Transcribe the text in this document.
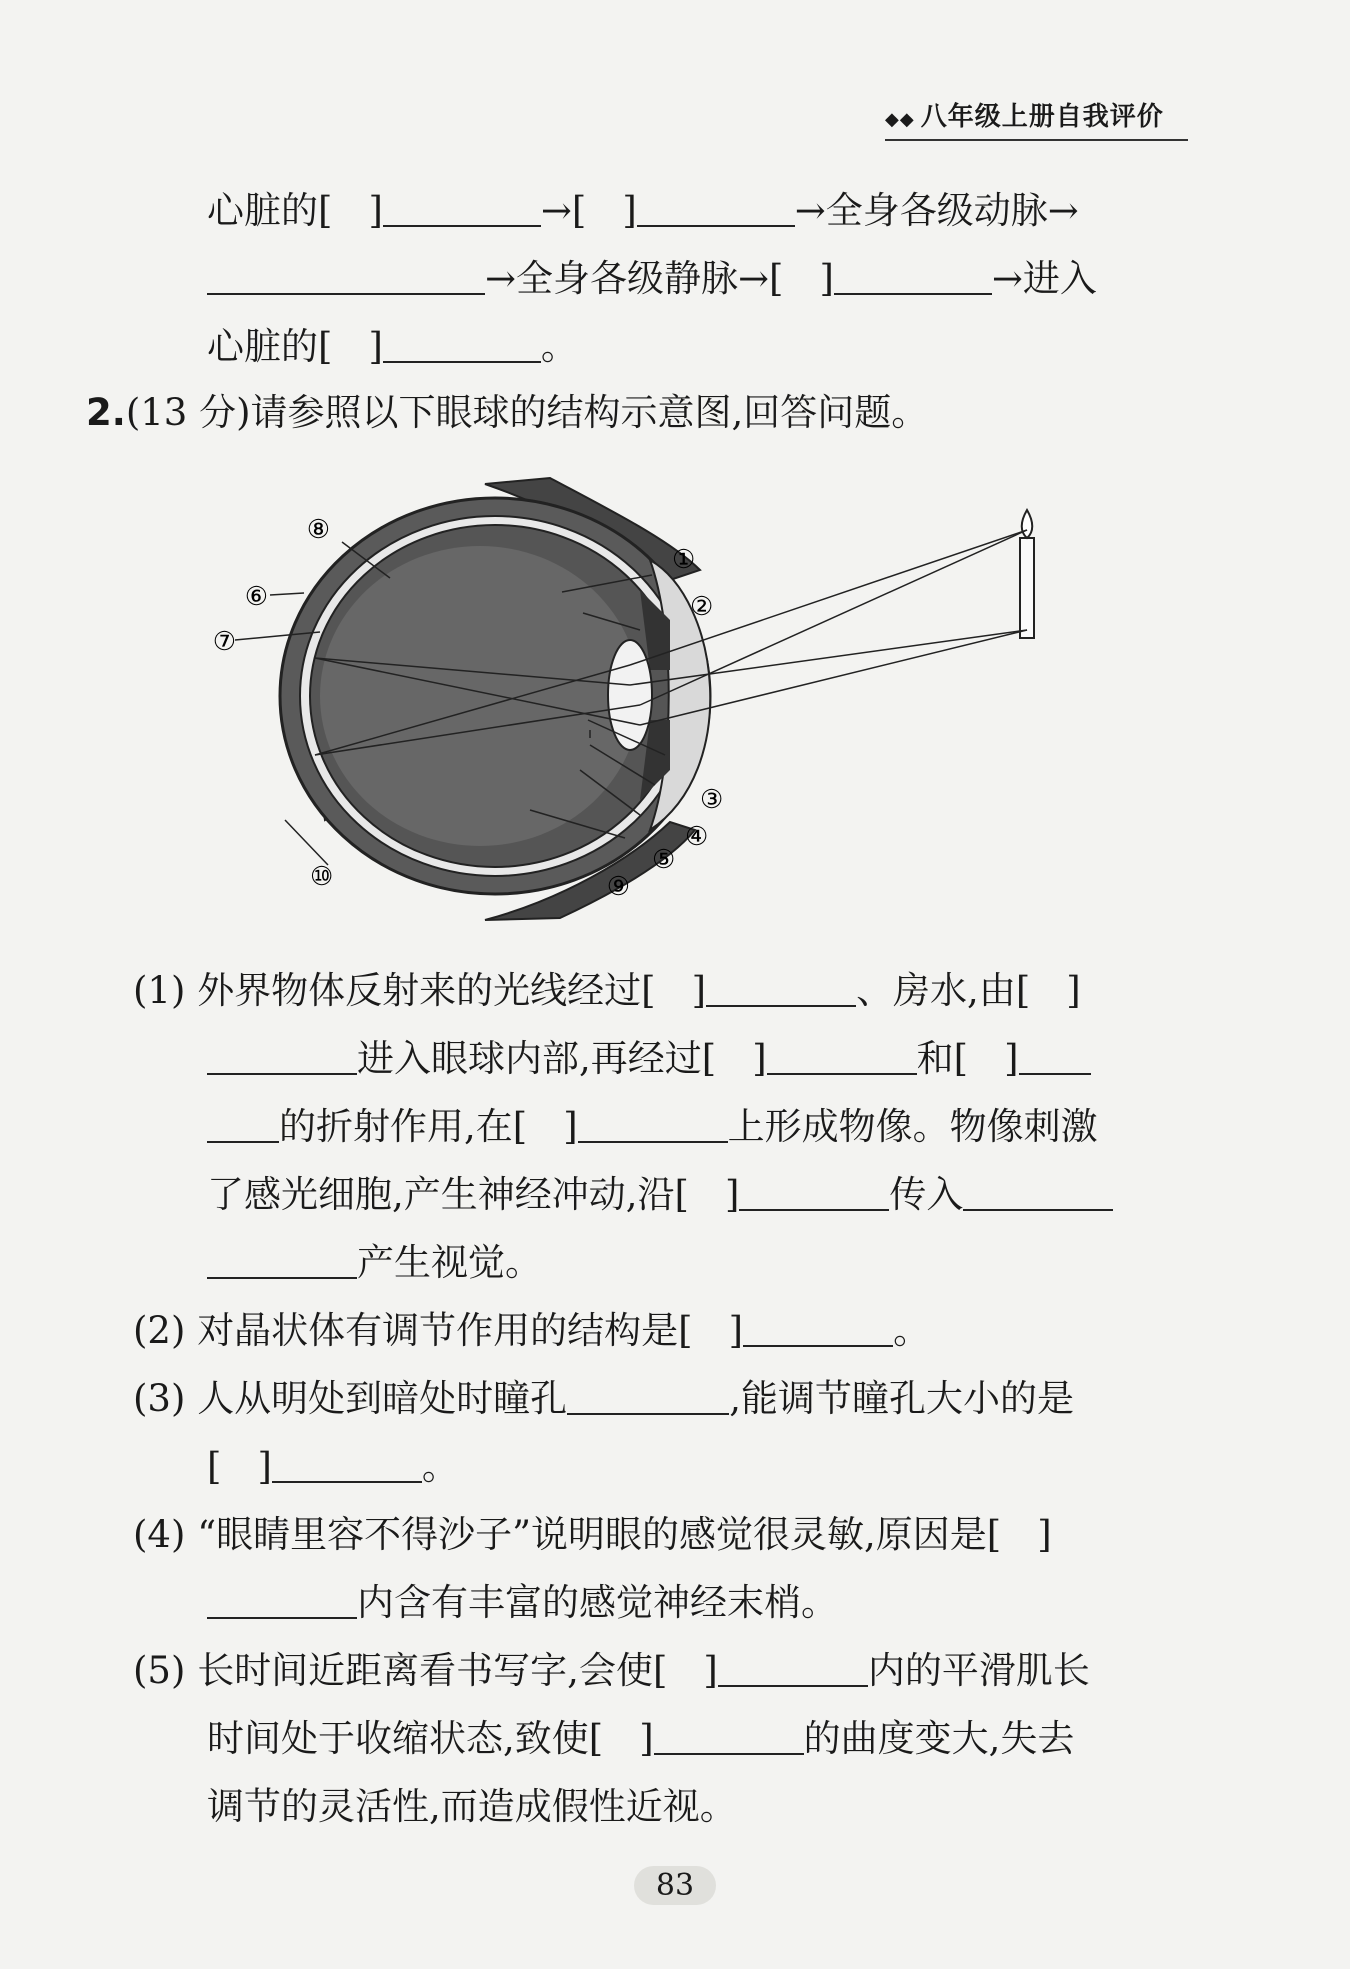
◆◆ 八年级上册自我评价
心脏的[ ]	→[ ]	→全身各级动脉→
→全身各级静脉→[ ]	→进入
心脏的[ ]	。
2.(13 分)请参照以下眼球的结构示意图,回答问题。
①
②
③
④
⑤
⑥
⑦
⑧
⑨
⑩
(1) 外界物体反射来的光线经过[ ]	、房水,由[ ]
进入眼球内部,再经过[ ]	和[ ]
的折射作用,在[ ]	上形成物像。物像刺激
了感光细胞,产生神经冲动,沿[ ]	传入
产生视觉。
(2) 对晶状体有调节作用的结构是[ ]	。
(3) 人从明处到暗处时瞳孔	,能调节瞳孔大小的是
[ ]	。
(4) “眼睛里容不得沙子”说明眼的感觉很灵敏,原因是[ ]
内含有丰富的感觉神经末梢。
(5) 长时间近距离看书写字,会使[ ]	内的平滑肌长
时间处于收缩状态,致使[ ]	的曲度变大,失去
调节的灵活性,而造成假性近视。
83
